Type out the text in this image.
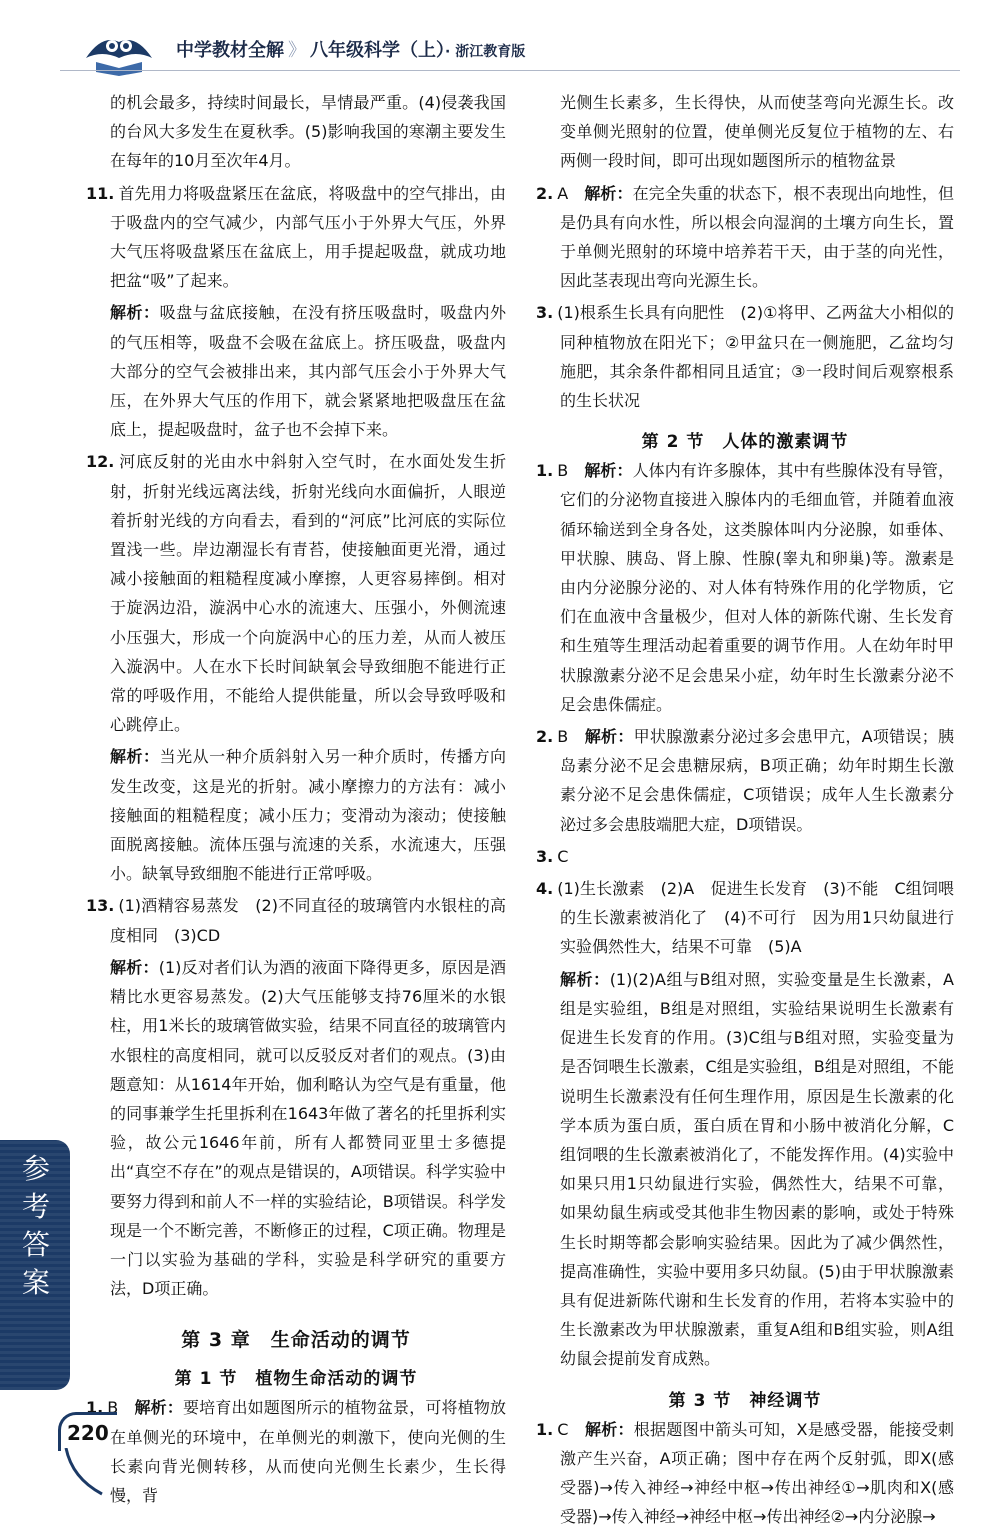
中学教材全解 》 八年级科学（上）· 浙江教育版

的机会最多，持续时间最长，旱情最严重。(4)侵袭我国的台风大多发生在夏秋季。(5)影响我国的寒潮主要发生在每年的10月至次年4月。

11. 首先用力将吸盘紧压在盆底，将吸盘中的空气排出，由于吸盘内的空气减少，内部气压小于外界大气压，外界大气压将吸盘紧压在盆底上，用手提起吸盘，就成功地把盆“吸”了起来。

解析：吸盘与盆底接触，在没有挤压吸盘时，吸盘内外的气压相等，吸盘不会吸在盆底上。挤压吸盘，吸盘内大部分的空气会被排出来，其内部气压会小于外界大气压，在外界大气压的作用下，就会紧紧地把吸盘压在盆底上，提起吸盘时，盆子也不会掉下来。

12. 河底反射的光由水中斜射入空气时，在水面处发生折射，折射光线远离法线，折射光线向水面偏折，人眼逆着折射光线的方向看去，看到的“河底”比河底的实际位置浅一些。岸边潮湿长有青苔，使接触面更光滑，通过减小接触面的粗糙程度减小摩擦，人更容易摔倒。相对于旋涡边沿，漩涡中心水的流速大、压强小，外侧流速小压强大，形成一个向旋涡中心的压力差，从而人被压入漩涡中。人在水下长时间缺氧会导致细胞不能进行正常的呼吸作用，不能给人提供能量，所以会导致呼吸和心跳停止。

解析：当光从一种介质斜射入另一种介质时，传播方向发生改变，这是光的折射。减小摩擦力的方法有：减小接触面的粗糙程度；减小压力；变滑动为滚动；使接触面脱离接触。流体压强与流速的关系，水流速大，压强小。缺氧导致细胞不能进行正常呼吸。

13. (1)酒精容易蒸发　(2)不同直径的玻璃管内水银柱的高度相同　(3)CD

解析：(1)反对者们认为酒的液面下降得更多，原因是酒精比水更容易蒸发。(2)大气压能够支持76厘米的水银柱，用1米长的玻璃管做实验，结果不同直径的玻璃管内水银柱的高度相同，就可以反驳反对者们的观点。(3)由题意知：从1614年开始，伽利略认为空气是有重量，他的同事兼学生托里拆利在1643年做了著名的托里拆利实验，故公元1646年前，所有人都赞同亚里士多德提出“真空不存在”的观点是错误的，A项错误。科学实验中要努力得到和前人不一样的实验结论，B项错误。科学发现是一个不断完善，不断修正的过程，C项正确。物理是一门以实验为基础的学科，实验是科学研究的重要方法，D项正确。

第 3 章　生命活动的调节
第 1 节　植物生命活动的调节

1. B　解析：要培育出如题图所示的植物盆景，可将植物放在单侧光的环境中，在单侧光的刺激下，使向光侧的生长素向背光侧转移，从而使向光侧生长素少，生长得慢，背

光侧生长素多，生长得快，从而使茎弯向光源生长。改变单侧光照射的位置，使单侧光反复位于植物的左、右两侧一段时间，即可出现如题图所示的植物盆景

2. A　解析：在完全失重的状态下，根不表现出向地性，但是仍具有向水性，所以根会向湿润的土壤方向生长，置于单侧光照射的环境中培养若干天，由于茎的向光性，因此茎表现出弯向光源生长。

3. (1)根系生长具有向肥性　(2)①将甲、乙两盆大小相似的同种植物放在阳光下；②甲盆只在一侧施肥，乙盆均匀施肥，其余条件都相同且适宜；③一段时间后观察根系的生长状况

第 2 节　人体的激素调节

1. B　解析：人体内有许多腺体，其中有些腺体没有导管，它们的分泌物直接进入腺体内的毛细血管，并随着血液循环输送到全身各处，这类腺体叫内分泌腺，如垂体、甲状腺、胰岛、肾上腺、性腺(睾丸和卵巢)等。激素是由内分泌腺分泌的、对人体有特殊作用的化学物质，它们在血液中含量极少，但对人体的新陈代谢、生长发育和生殖等生理活动起着重要的调节作用。人在幼年时甲状腺激素分泌不足会患呆小症，幼年时生长激素分泌不足会患侏儒症。

2. B　解析：甲状腺激素分泌过多会患甲亢，A项错误；胰岛素分泌不足会患糖尿病，B项正确；幼年时期生长激素分泌不足会患侏儒症，C项错误；成年人生长激素分泌过多会患肢端肥大症，D项错误。

3. C

4. (1)生长激素　(2)A　促进生长发育　(3)不能　C组饲喂的生长激素被消化了　(4)不可行　因为用1只幼鼠进行实验偶然性大，结果不可靠　(5)A

解析：(1)(2)A组与B组对照，实验变量是生长激素，A组是实验组，B组是对照组，实验结果说明生长激素有促进生长发育的作用。(3)C组与B组对照，实验变量为是否饲喂生长激素，C组是实验组，B组是对照组，不能说明生长激素没有任何生理作用，原因是生长激素的化学本质为蛋白质，蛋白质在胃和小肠中被消化分解，C组饲喂的生长激素被消化了，不能发挥作用。(4)实验中如果只用1只幼鼠进行实验，偶然性大，结果不可靠，如果幼鼠生病或受其他非生物因素的影响，或处于特殊生长时期等都会影响实验结果。因此为了减少偶然性，提高准确性，实验中要用多只幼鼠。(5)由于甲状腺激素具有促进新陈代谢和生长发育的作用，若将本实验中的生长激素改为甲状腺激素，重复A组和B组实验，则A组幼鼠会提前发育成熟。

第 3 节　神经调节

1. C　解析：根据题图中箭头可知，X是感受器，能接受刺激产生兴奋，A项正确；图中存在两个反射弧，即X(感受器)→传入神经→神经中枢→传出神经①→肌肉和X(感受器)→传入神经→神经中枢→传出神经②→内分泌腺→

参考答案
220
